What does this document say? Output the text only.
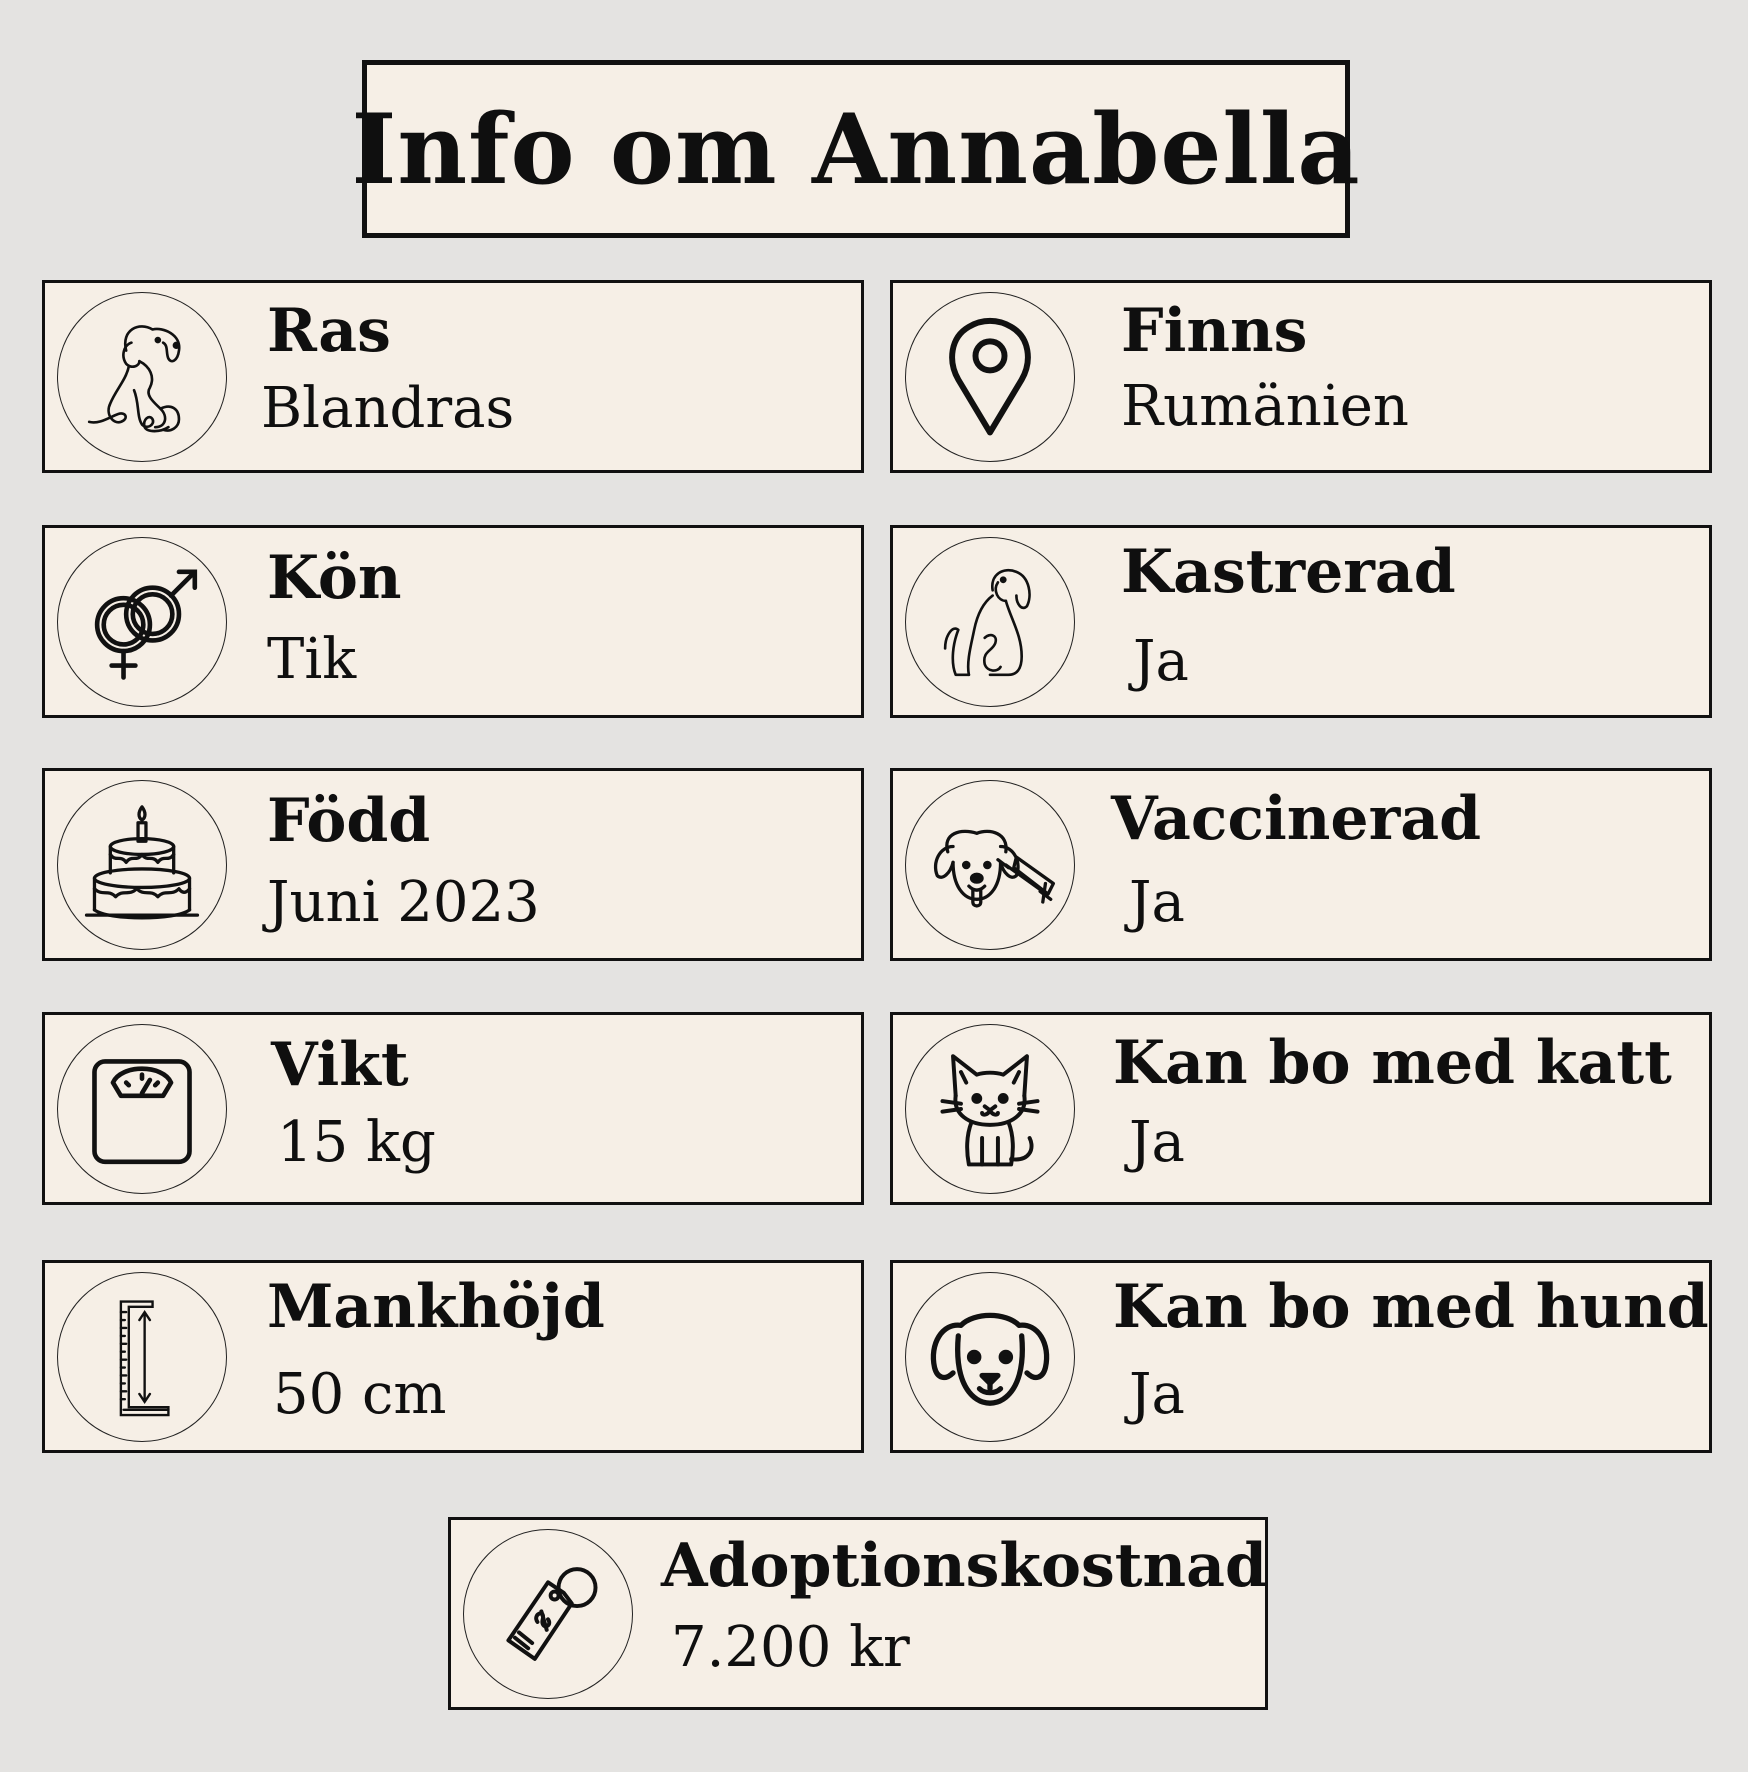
Info om Annabella
Ras
Blandras
Finns
Rumänien
Kön
Tik
Kastrerad
Ja
Född
Juni 2023
Vaccinerad
Ja
Vikt
15 kg
Kan bo med katt
Ja
Mankhöjd
50 cm
Kan bo med hund
Ja
Adoptionskostnad
7.200 kr
